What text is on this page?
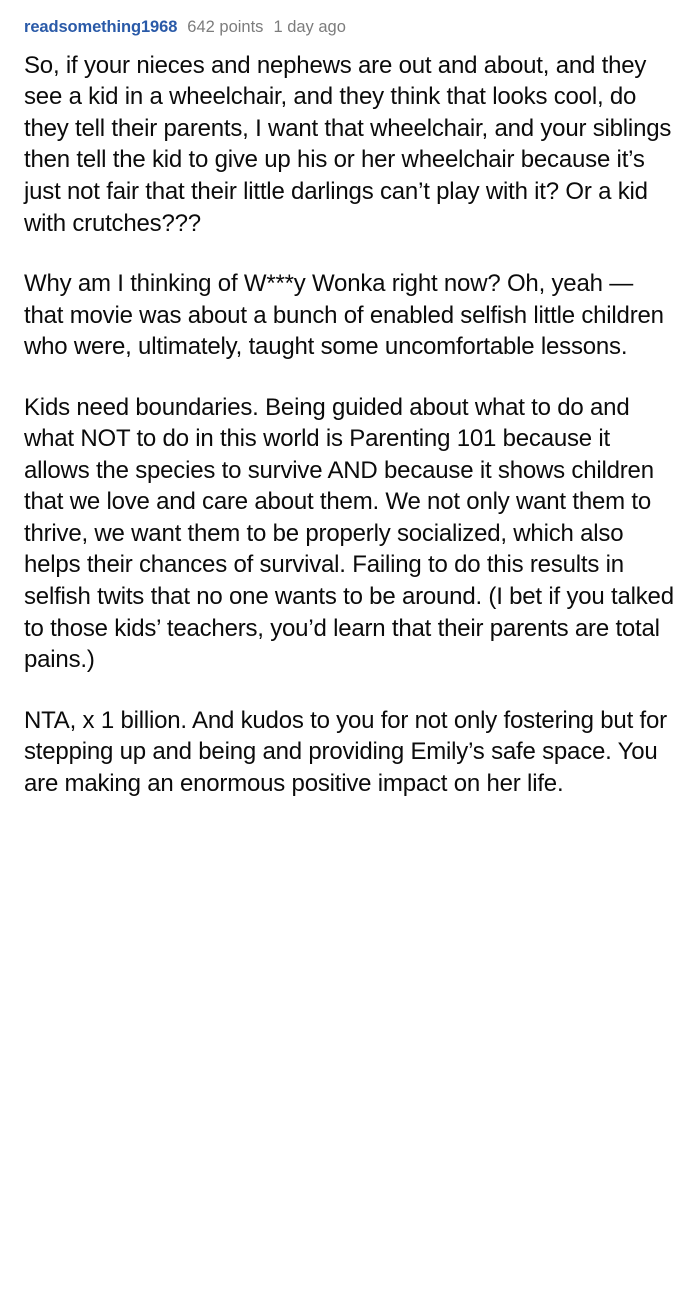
readsomething1968 642 points 1 day ago

So, if your nieces and nephews are out and about, and they see a kid in a wheelchair, and they think that looks cool, do they tell their parents, I want that wheelchair, and your siblings then tell the kid to give up his or her wheelchair because it’s just not fair that their little darlings can’t play with it? Or a kid with crutches???

Why am I thinking of W***y Wonka right now? Oh, yeah — that movie was about a bunch of enabled selfish little children who were, ultimately, taught some uncomfortable lessons.

Kids need boundaries. Being guided about what to do and what NOT to do in this world is Parenting 101 because it allows the species to survive AND because it shows children that we love and care about them. We not only want them to thrive, we want them to be properly socialized, which also helps their chances of survival. Failing to do this results in selfish twits that no one wants to be around. (I bet if you talked to those kids’ teachers, you’d learn that their parents are total pains.)

NTA, x 1 billion. And kudos to you for not only fostering but for stepping up and being and providing Emily’s safe space. You are making an enormous positive impact on her life.
